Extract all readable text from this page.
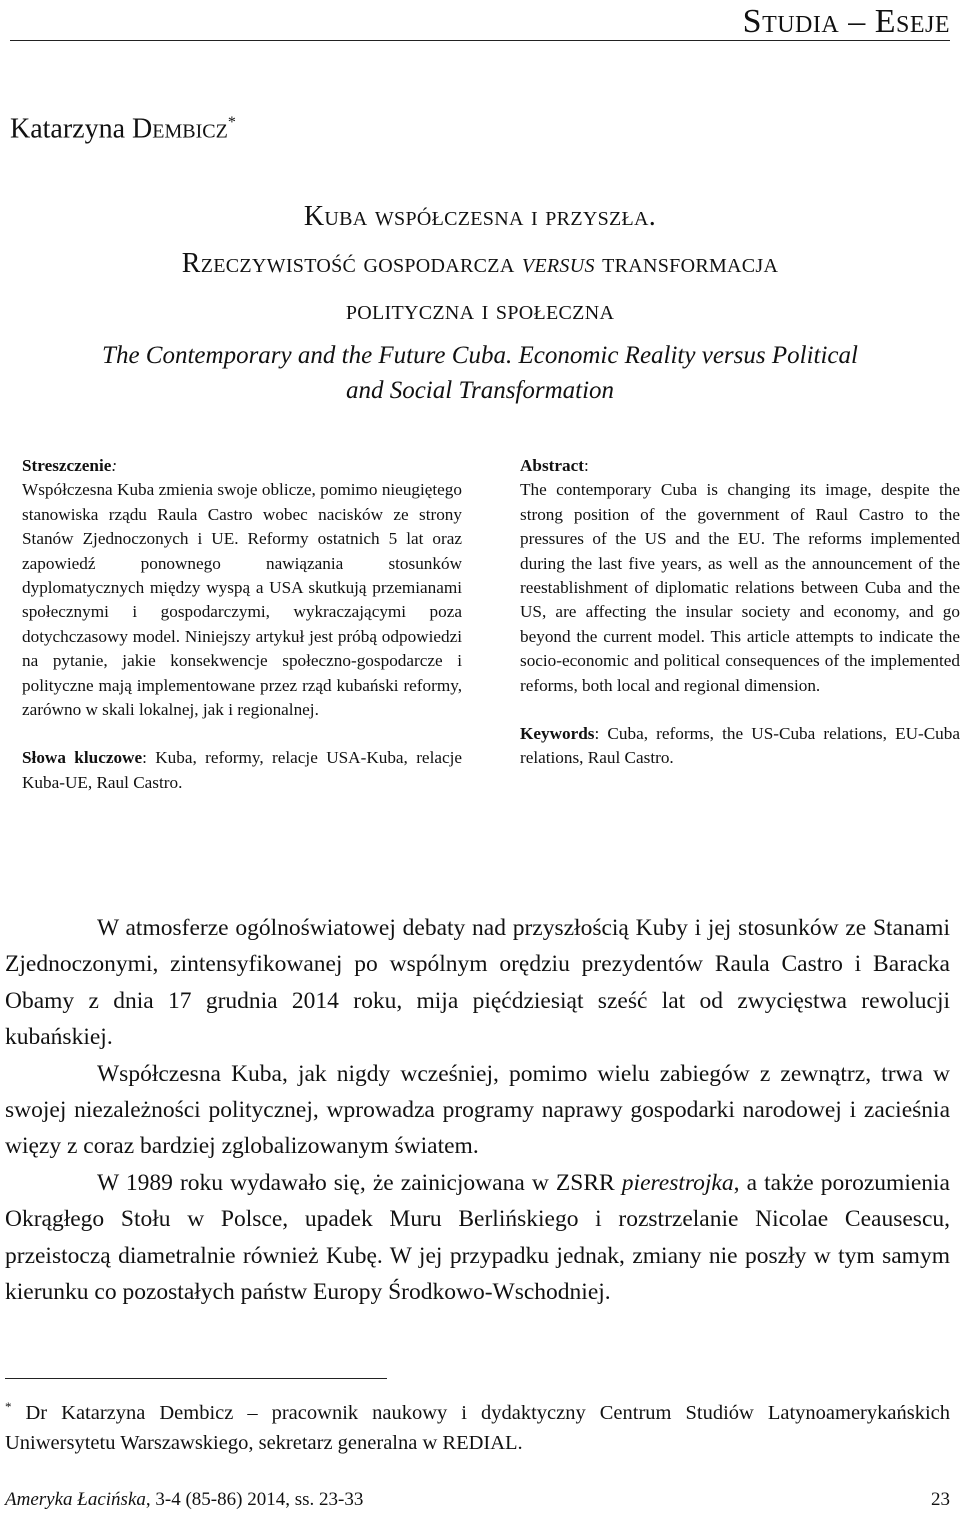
Studia – Eseje
Katarzyna Dembicz*
Kuba współczesna i przyszła.
Rzeczywistość gospodarcza versus transformacja
polityczna i społeczna
The Contemporary and the Future Cuba. Economic Reality versus Political
and Social Transformation
Streszczenie:
Współczesna Kuba zmienia swoje oblicze, pomimo nieugiętego stanowiska rządu Raula Castro wobec nacisków ze strony Stanów Zjednoczonych i UE. Reformy ostatnich 5 lat oraz zapowiedź ponownego nawiązania stosunków dyplomatycznych między wyspą a USA skutkują przemianami społecznymi i gospodarczymi, wykraczającymi poza dotychczasowy model. Niniejszy artykuł jest próbą odpowiedzi na pytanie, jakie konsekwencje społeczno-gospodarcze i polityczne mają implementowane przez rząd kubański reformy, zarówno w skali lokalnej, jak i regionalnej.
Słowa kluczowe: Kuba, reformy, relacje USA-Kuba, relacje Kuba-UE, Raul Castro.
Abstract:
The contemporary Cuba is changing its image, despite the strong position of the government of Raul Castro to the pressures of the US and the EU. The reforms implemented during the last five years, as well as the announcement of the reestablishment of diplomatic relations between Cuba and the US, are affecting the insular society and economy, and go beyond the current model. This article attempts to indicate the socio-economic and political consequences of the implemented reforms, both local and regional dimension.
Keywords: Cuba, reforms, the US-Cuba relations, EU-Cuba relations, Raul Castro.

W atmosferze ogólnoświatowej debaty nad przyszłością Kuby i jej stosunków ze Stanami Zjednoczonymi, zintensyfikowanej po wspólnym orędziu prezydentów Raula Castro i Baracka Obamy z dnia 17 grudnia 2014 roku, mija pięćdziesiąt sześć lat od zwycięstwa rewolucji kubańskiej.

Współczesna Kuba, jak nigdy wcześniej, pomimo wielu zabiegów z zewnątrz, trwa w swojej niezależności politycznej, wprowadza programy naprawy gospodarki narodowej i zacieśnia więzy z coraz bardziej zglobalizowanym światem.

W 1989 roku wydawało się, że zainicjowana w ZSRR pierestrojka, a także porozumienia Okrągłego Stołu w Polsce, upadek Muru Berlińskiego i rozstrzelanie Nicolae Ceausescu, przeistoczą diametralnie również Kubę. W jej przypadku jednak, zmiany nie poszły w tym samym kierunku co pozostałych państw Europy Środkowo-Wschodniej.

* Dr Katarzyna Dembicz – pracownik naukowy i dydaktyczny Centrum Studiów Latynoamerykańskich Uniwersytetu Warszawskiego, sekretarz generalna w REDIAL.
Ameryka Łacińska, 3-4 (85-86) 2014, ss. 23-33	23
